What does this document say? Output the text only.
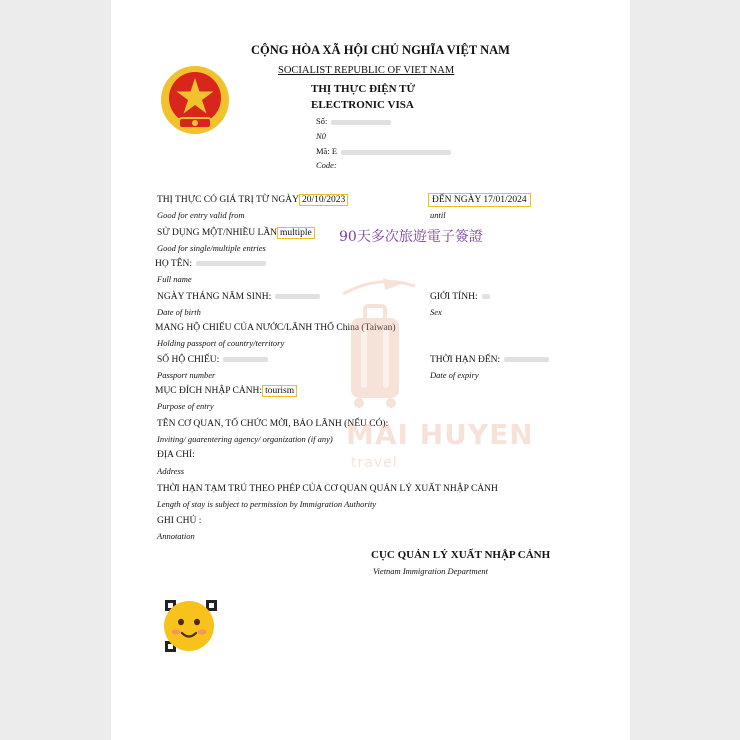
CỘNG HÒA XÃ HỘI CHỦ NGHĨA VIỆT NAM
SOCIALIST REPUBLIC OF VIET NAM
THỊ THỰC ĐIỆN TỬ
ELECTRONIC VISA
Số:
N0
Mã: E
Code:
THỊ THỰC CÓ GIÁ TRỊ TỪ NGÀY 20/10/2023
Good for entry valid from
ĐẾN NGÀY 17/01/2024
until
SỬ DỤNG MỘT/NHIỀU LẦN multiple 90天多次旅遊電子簽證
Good for single/multiple entries
HỌ TÊN:
Full name
NGÀY THÁNG NĂM SINH:
Date of birth
GIỚI TÍNH:
Sex
MANG HỘ CHIẾU CỦA NƯỚC/LÃNH THỔ China (Taiwan)
Holding passport of country/territory
SỐ HỘ CHIẾU:
Passport number
THỜI HẠN ĐẾN:
Date of expiry
MỤC ĐÍCH NHẬP CẢNH: tourism
Purpose of entry
TÊN CƠ QUAN, TỔ CHỨC MỜI, BẢO LÃNH (NẾU CÓ):
Inviting/ guarentering agency/ organization (if any)
ĐỊA CHỈ:
Address
THỜI HẠN TẠM TRÚ THEO PHÉP CỦA CƠ QUAN QUẢN LÝ XUẤT NHẬP CẢNH
Length of stay is subject to permission by Immigration Authority
GHI CHÚ :
Annotation
CỤC QUẢN LÝ XUẤT NHẬP CẢNH
Vietnam Immigration Department
MAI HUYEN
travel
